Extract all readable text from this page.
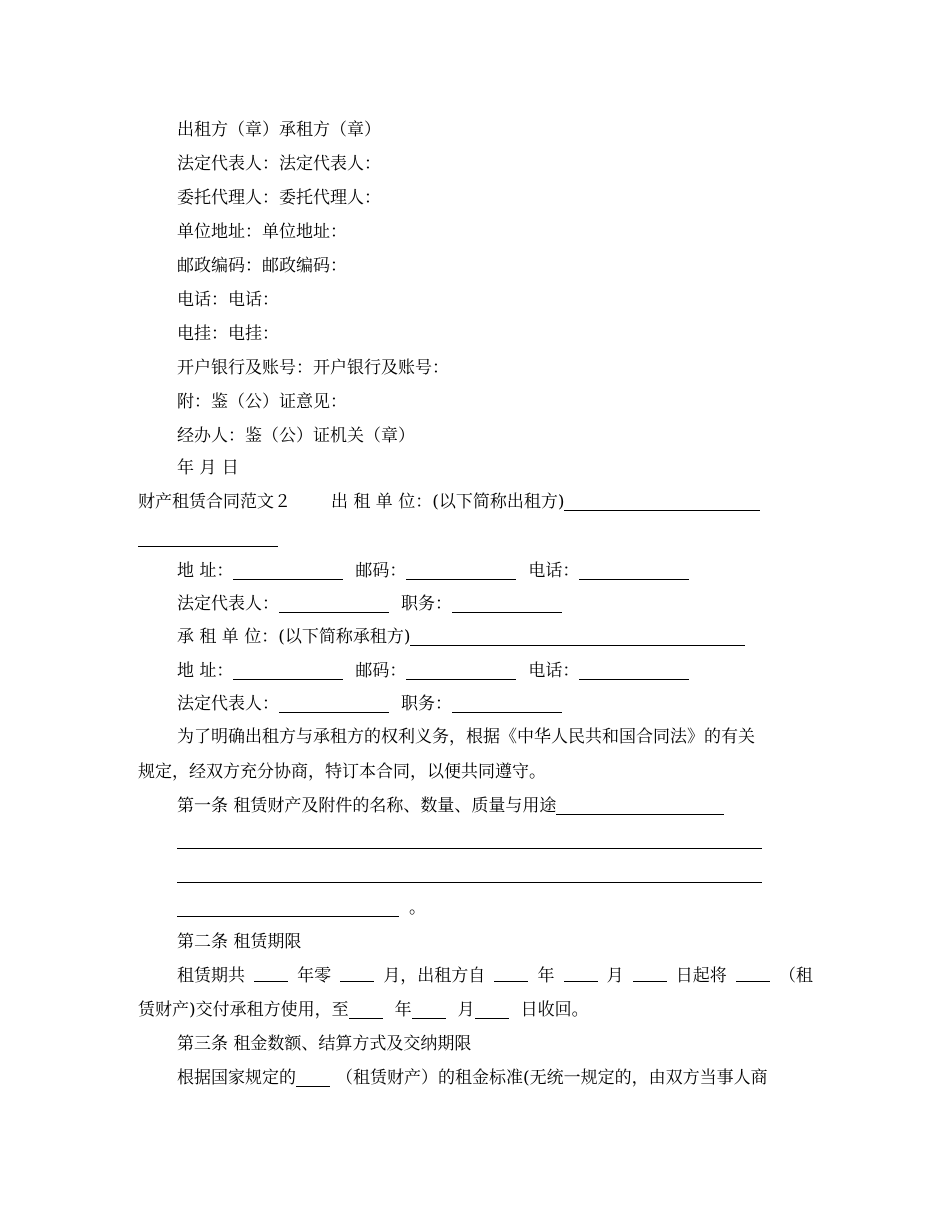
出租方（章）承租方（章）
法定代表人：法定代表人：
委托代理人：委托代理人：
单位地址：单位地址：
邮政编码：邮政编码：
电话：电话：
电挂：电挂：
开户银行及账号：开户银行及账号：
附：鉴（公）证意见：
经办人：鉴（公）证机关（章）
年 月 日
财产租赁合同范文２ 出 租 单 位：(以下简称出租方)
地 址：	邮码：	电话：
法定代表人：	职务：
承 租 单 位：(以下简称承租方)
地 址：	邮码：	电话：
法定代表人：	职务：
为了明确出租方与承租方的权利义务，根据《中华人民共和国合同法》的有关
规定，经双方充分协商，特订本合同，以便共同遵守。
第一条 租赁财产及附件的名称、数量、质量与用途
。
第二条 租赁期限
租赁期共	年零	月，出租方自	年	月	日起将	（租
赁财产)交付承租方使用，至	年	月	日收回。
第三条 租金数额、结算方式及交纳期限
根据国家规定的 （租赁财产）的租金标准(无统一规定的，由双方当事人商
